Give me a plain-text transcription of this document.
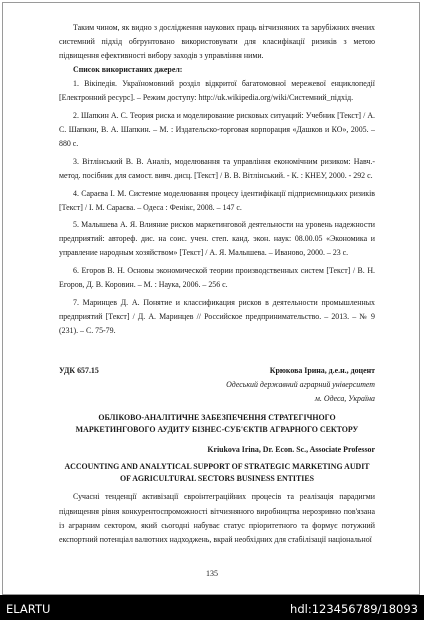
Таким чином, як видно з дослідження наукових праць вітчизняних та зарубіжних вчених системний підхід обгрунтовано використовувати для класифікації ризиків з метою підвищення ефективності вибору заходів з управління ними.

Список використаних джерел:

1. Вікіпедія. Україномовний розділ відкритої багатомовної мережевої енциклопедії [Електронний ресурс]. – Режим доступу: http://uk.wikipedia.org/wiki/Системний_підхід.

2. Шапкин А. С. Теория риска и моделирование рисковых ситуаций: Учебник [Текст] / А. С. Шапкин, В. А. Шапкин. – М. : Издательско-торговая корпорация «Дашков и КО», 2005. – 880 с.

3. Вітлінський В. В. Аналіз, моделювання та управління економічним ризиком: Навч.-метод. посібник для самост. вивч. дисц. [Текст] / В. В. Вітлінський. - К. : КНЕУ, 2000. - 292 с.

4. Сарaєва І. М. Системне моделювання процесу ідентифікації підприємницьких ризиків [Текст] / І. М. Сараєва. – Одеса : Фенікс, 2008. – 147 с.

5. Малышева А. Я. Влияние рисков маркетинговой деятельности на уровень надежности предприятий: автореф. дис. на соис. учен. степ. канд. экон. наук: 08.00.05 «Экономика и управление народным хозяйством» [Текст] / А. Я. Малышева. – Иваново, 2000. – 23 с.

6. Егоров В. Н. Основы экономической теории производственных систем [Текст] / В. Н. Егоров, Д. В. Коровин. – М. : Наука, 2006. – 256 с.

7. Маринцев Д. А. Понятие и классификация рисков в деятельности промышленных предприятий [Текст] / Д. А. Маринцев // Российское предпринимательство. – 2013. – № 9 (231). – С. 75-79.

УДК 657.15	Крюкова Ірина, д.е.н., доцент

Одеський державний аграрний університет

м. Одеса, Україна

ОБЛІКОВО-АНАЛІТИЧНЕ ЗАБЕЗПЕЧЕННЯ СТРАТЕГІЧНОГО МАРКЕТИНГОВОГО АУДИТУ БІЗНЕС-СУБ'ЄКТІВ АГРАРНОГО СЕКТОРУ

Kriukova Irina, Dr. Econ. Sc., Associate Professor

ACCOUNTING AND ANALYTICAL SUPPORT OF STRATEGIC MARKETING AUDIT OF AGRICULTURAL SECTORS BUSINESS ENTITIES

Сучасні тенденції активізації євроінтеграційних процесів та реалізація парадигми підвищення рівня конкурентоспроможності вітчизняного виробництва нерозривно пов'язана із аграрним сектором, який сьогодні набуває статус пріоритетного та формує потужний експортний потенціал валютних надходжень, вкрай необхідних для стабілізації національної

135
ELARTU	hdl:123456789/18093
